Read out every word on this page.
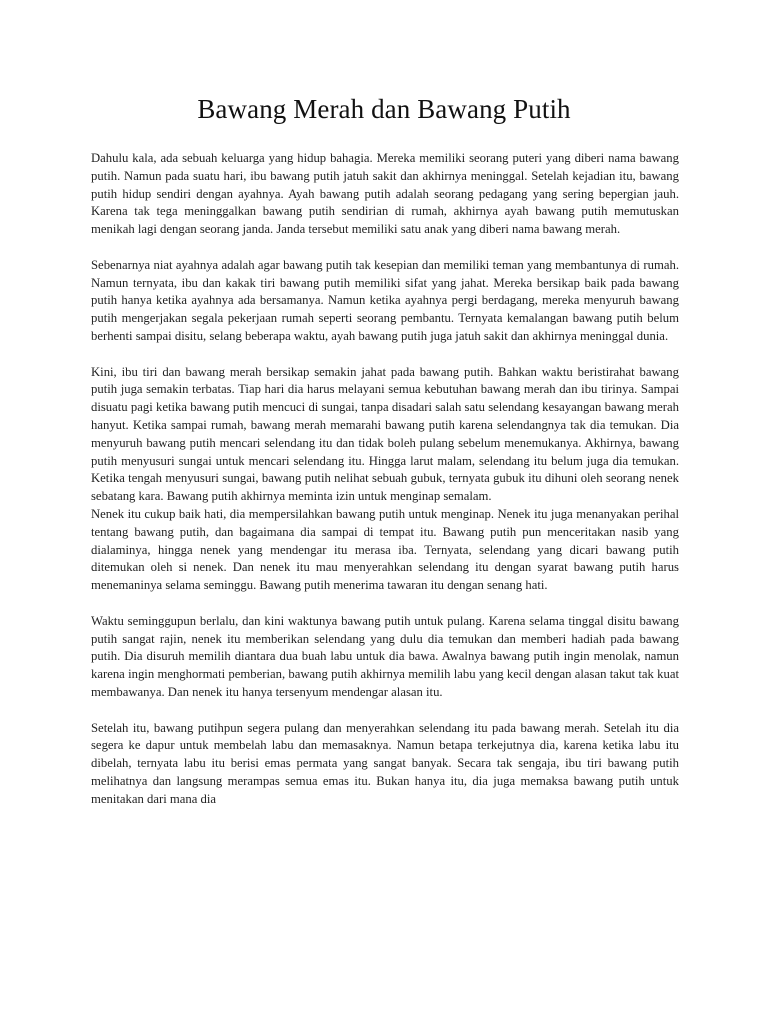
Bawang Merah dan Bawang Putih

Dahulu kala, ada sebuah keluarga yang hidup bahagia. Mereka memiliki seorang puteri yang diberi nama bawang putih. Namun pada suatu hari, ibu bawang putih jatuh sakit dan akhirnya meninggal. Setelah kejadian itu, bawang putih hidup sendiri dengan ayahnya. Ayah bawang putih adalah seorang pedagang yang sering bepergian jauh. Karena tak tega meninggalkan bawang putih sendirian di rumah, akhirnya ayah bawang putih memutuskan menikah lagi dengan seorang janda. Janda tersebut memiliki satu anak yang diberi nama bawang merah.

Sebenarnya niat ayahnya adalah agar bawang putih tak kesepian dan memiliki teman yang membantunya di rumah. Namun ternyata, ibu dan kakak tiri bawang putih memiliki sifat yang jahat. Mereka bersikap baik pada bawang putih hanya ketika ayahnya ada bersamanya. Namun ketika ayahnya pergi berdagang, mereka menyuruh bawang putih mengerjakan segala pekerjaan rumah seperti seorang pembantu. Ternyata kemalangan bawang putih belum berhenti sampai disitu, selang beberapa waktu, ayah bawang putih juga jatuh sakit dan akhirnya meninggal dunia.

Kini, ibu tiri dan bawang merah bersikap semakin jahat pada bawang putih. Bahkan waktu beristirahat bawang putih juga semakin terbatas. Tiap hari dia harus melayani semua kebutuhan bawang merah dan ibu tirinya. Sampai disuatu pagi ketika bawang putih mencuci di sungai, tanpa disadari salah satu selendang kesayangan bawang merah hanyut. Ketika sampai rumah, bawang merah memarahi bawang putih karena selendangnya tak dia temukan. Dia menyuruh bawang putih mencari selendang itu dan tidak boleh pulang sebelum menemukanya. Akhirnya, bawang putih menyusuri sungai untuk mencari selendang itu. Hingga larut malam, selendang itu belum juga dia temukan. Ketika tengah menyusuri sungai, bawang putih nelihat sebuah gubuk, ternyata gubuk itu dihuni oleh seorang nenek sebatang kara. Bawang putih akhirnya meminta izin untuk menginap semalam.

Nenek itu cukup baik hati, dia mempersilahkan bawang putih untuk menginap. Nenek itu juga menanyakan perihal tentang bawang putih, dan bagaimana dia sampai di tempat itu. Bawang putih pun menceritakan nasib yang dialaminya, hingga nenek yang mendengar itu merasa iba. Ternyata, selendang yang dicari bawang putih ditemukan oleh si nenek. Dan nenek itu mau menyerahkan selendang itu dengan syarat bawang putih harus menemaninya selama seminggu. Bawang putih menerima tawaran itu dengan senang hati.

Waktu seminggupun berlalu, dan kini waktunya bawang putih untuk pulang. Karena selama tinggal disitu bawang putih sangat rajin, nenek itu memberikan selendang yang dulu dia temukan dan memberi hadiah pada bawang putih. Dia disuruh memilih diantara dua buah labu untuk dia bawa. Awalnya bawang putih ingin menolak, namun karena ingin menghormati pemberian, bawang putih akhirnya memilih labu yang kecil dengan alasan takut tak kuat membawanya. Dan nenek itu hanya tersenyum mendengar alasan itu.

Setelah itu, bawang putihpun segera pulang dan menyerahkan selendang itu pada bawang merah. Setelah itu dia segera ke dapur untuk membelah labu dan memasaknya. Namun betapa terkejutnya dia, karena ketika labu itu dibelah, ternyata labu itu berisi emas permata yang sangat banyak. Secara tak sengaja, ibu tiri bawang putih melihatnya dan langsung merampas semua emas itu. Bukan hanya itu, dia juga memaksa bawang putih untuk menitakan dari mana dia
